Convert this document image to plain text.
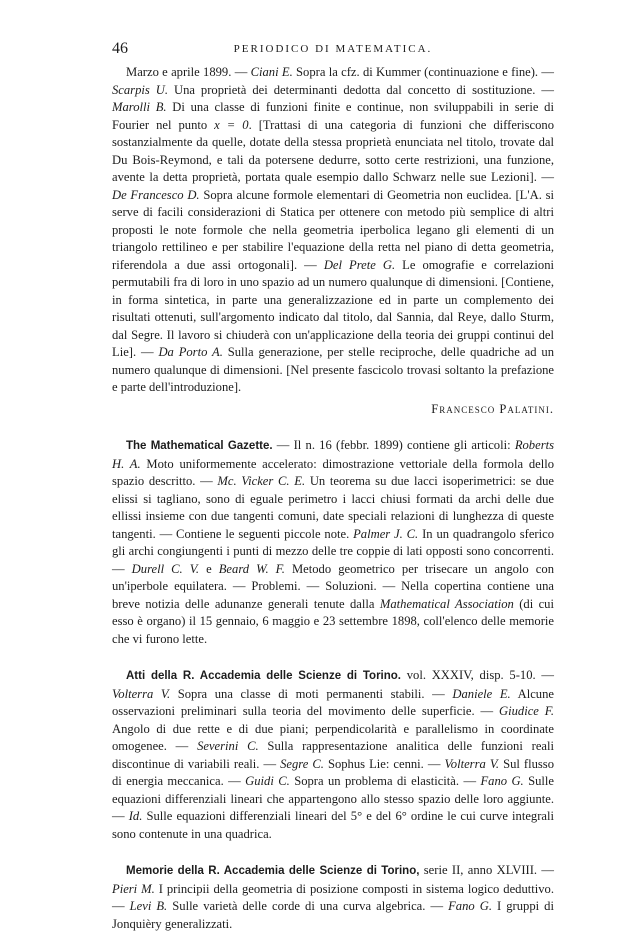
46	PERIODICO DI MATEMATICA.

Marzo e aprile 1899. — Ciani E. Sopra la cfz. di Kummer (continuazione e fine). — Scarpis U. Una proprietà dei determinanti dedotta dal concetto di sostituzione. — Marolli B. Di una classe di funzioni finite e continue, non sviluppabili in serie di Fourier nel punto x = 0. [Trattasi di una categoria di funzioni che differiscono sostanzialmente da quelle, dotate della stessa proprietà enunciata nel titolo, trovate dal Du Bois-Reymond, e tali da potersene dedurre, sotto certe restrizioni, una funzione, avente la detta proprietà, portata quale esempio dallo Schwarz nelle sue Lezioni]. — De Francesco D. Sopra alcune formole elementari di Geometria non euclidea. [L'A. si serve di facili considerazioni di Statica per ottenere con metodo più semplice di altri proposti le note formole che nella geometria iperbolica legano gli elementi di un triangolo rettilineo e per stabilire l'equazione della retta nel piano di detta geometria, riferendola a due assi ortogonali]. — Del Prete G. Le omografie e correlazioni permutabili fra di loro in uno spazio ad un numero qualunque di dimensioni. [Contiene, in forma sintetica, in parte una generalizzazione ed in parte un complemento dei risultati ottenuti, sull'argomento indicato dal titolo, dal Sannia, dal Reye, dallo Sturm, dal Segre. Il lavoro si chiuderà con un'applicazione della teoria dei gruppi continui del Lie]. — Da Porto A. Sulla generazione, per stelle reciproche, delle quadriche ad un numero qualunque di dimensioni. [Nel presente fascicolo trovasi soltanto la prefazione e parte dell'introduzione].

Francesco Palatini.

The Mathematical Gazette. — Il n. 16 (febbr. 1899) contiene gli articoli: Roberts H. A. Moto uniformemente accelerato: dimostrazione vettoriale della formola dello spazio descritto. — Mc. Vicker C. E. Un teorema su due lacci isoperimetrici: se due elissi si tagliano, sono di eguale perimetro i lacci chiusi formati da archi delle due ellissi insieme con due tangenti comuni, date speciali relazioni di lunghezza di queste tangenti. — Contiene le seguenti piccole note. Palmer J. C. In un quadrangolo sferico gli archi congiungenti i punti di mezzo delle tre coppie di lati opposti sono concorrenti. — Durell C. V. e Beard W. F. Metodo geometrico per trisecare un angolo con un'iperbole equilatera. — Problemi. — Soluzioni. — Nella copertina contiene una breve notizia delle adunanze generali tenute dalla Mathematical Association (di cui esso è organo) il 15 gennaio, 6 maggio e 23 settembre 1898, coll'elenco delle memorie che vi furono lette.

Atti della R. Accademia delle Scienze di Torino. vol. XXXIV, disp. 5-10. — Volterra V. Sopra una classe di moti permanenti stabili. — Daniele E. Alcune osservazioni preliminari sulla teoria del movimento delle superficie. — Giudice F. Angolo di due rette e di due piani; perpendicolarità e parallelismo in coordinate omogenee. — Severini C. Sulla rappresentazione analitica delle funzioni reali discontinue di variabili reali. — Segre C. Sophus Lie: cenni. — Volterra V. Sul flusso di energia meccanica. — Guidi C. Sopra un problema di elasticità. — Fano G. Sulle equazioni differenziali lineari che appartengono allo stesso spazio delle loro aggiunte. — Id. Sulle equazioni differenziali lineari del 5° e del 6° ordine le cui curve integrali sono contenute in una quadrica.

Memorie della R. Accademia delle Scienze di Torino, serie II, anno XLVIII. — Pieri M. I principii della geometria di posizione composti in sistema logico deduttivo. — Levi B. Sulle varietà delle corde di una curva algebrica. — Fano G. I gruppi di Jonquièry generalizzati.
